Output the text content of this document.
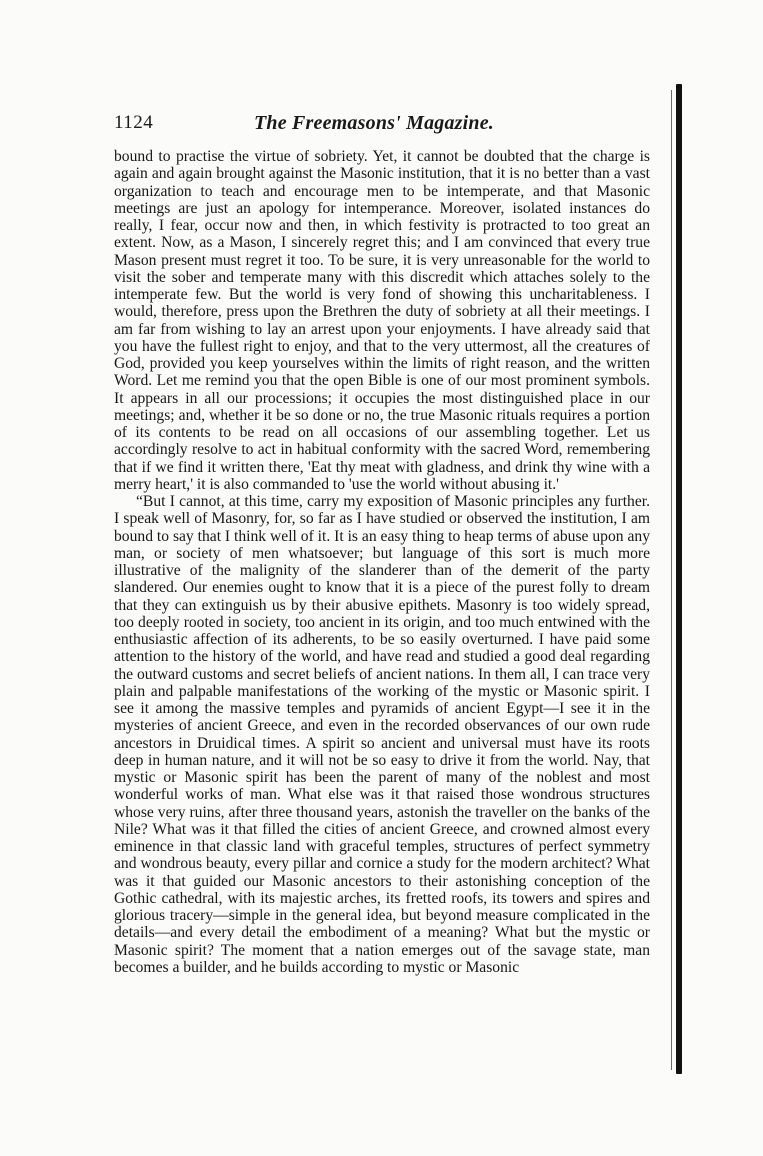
1124	The Freemasons' Magazine.

bound to practise the virtue of sobriety. Yet, it cannot be doubted that the charge is again and again brought against the Masonic institution, that it is no better than a vast organization to teach and encourage men to be intemperate, and that Masonic meetings are just an apology for intemperance. Moreover, isolated instances do really, I fear, occur now and then, in which festivity is protracted to too great an extent. Now, as a Mason, I sincerely regret this; and I am convinced that every true Mason present must regret it too. To be sure, it is very unreasonable for the world to visit the sober and temperate many with this discredit which attaches solely to the intemperate few. But the world is very fond of showing this uncharitableness. I would, therefore, press upon the Brethren the duty of sobriety at all their meetings. I am far from wishing to lay an arrest upon your enjoyments. I have already said that you have the fullest right to enjoy, and that to the very uttermost, all the creatures of God, provided you keep yourselves within the limits of right reason, and the written Word. Let me remind you that the open Bible is one of our most prominent symbols. It appears in all our processions; it occupies the most distinguished place in our meetings; and, whether it be so done or no, the true Masonic rituals requires a portion of its contents to be read on all occasions of our assembling together. Let us accordingly resolve to act in habitual conformity with the sacred Word, remembering that if we find it written there, 'Eat thy meat with gladness, and drink thy wine with a merry heart,' it is also commanded to 'use the world without abusing it.'

“But I cannot, at this time, carry my exposition of Masonic principles any further. I speak well of Masonry, for, so far as I have studied or observed the institution, I am bound to say that I think well of it. It is an easy thing to heap terms of abuse upon any man, or society of men whatsoever; but language of this sort is much more illustrative of the malignity of the slanderer than of the demerit of the party slandered. Our enemies ought to know that it is a piece of the purest folly to dream that they can extinguish us by their abusive epithets. Masonry is too widely spread, too deeply rooted in society, too ancient in its origin, and too much entwined with the enthusiastic affection of its adherents, to be so easily overturned. I have paid some attention to the history of the world, and have read and studied a good deal regarding the outward customs and secret beliefs of ancient nations. In them all, I can trace very plain and palpable manifestations of the working of the mystic or Masonic spirit. I see it among the massive temples and pyramids of ancient Egypt—I see it in the mysteries of ancient Greece, and even in the recorded observances of our own rude ancestors in Druidical times. A spirit so ancient and universal must have its roots deep in human nature, and it will not be so easy to drive it from the world. Nay, that mystic or Masonic spirit has been the parent of many of the noblest and most wonderful works of man. What else was it that raised those wondrous structures whose very ruins, after three thousand years, astonish the traveller on the banks of the Nile? What was it that filled the cities of ancient Greece, and crowned almost every eminence in that classic land with graceful temples, structures of perfect symmetry and wondrous beauty, every pillar and cornice a study for the modern architect? What was it that guided our Masonic ancestors to their astonishing conception of the Gothic cathedral, with its majestic arches, its fretted roofs, its towers and spires and glorious tracery—simple in the general idea, but beyond measure complicated in the details—and every detail the embodiment of a meaning? What but the mystic or Masonic spirit? The moment that a nation emerges out of the savage state, man becomes a builder, and he builds according to mystic or Masonic
